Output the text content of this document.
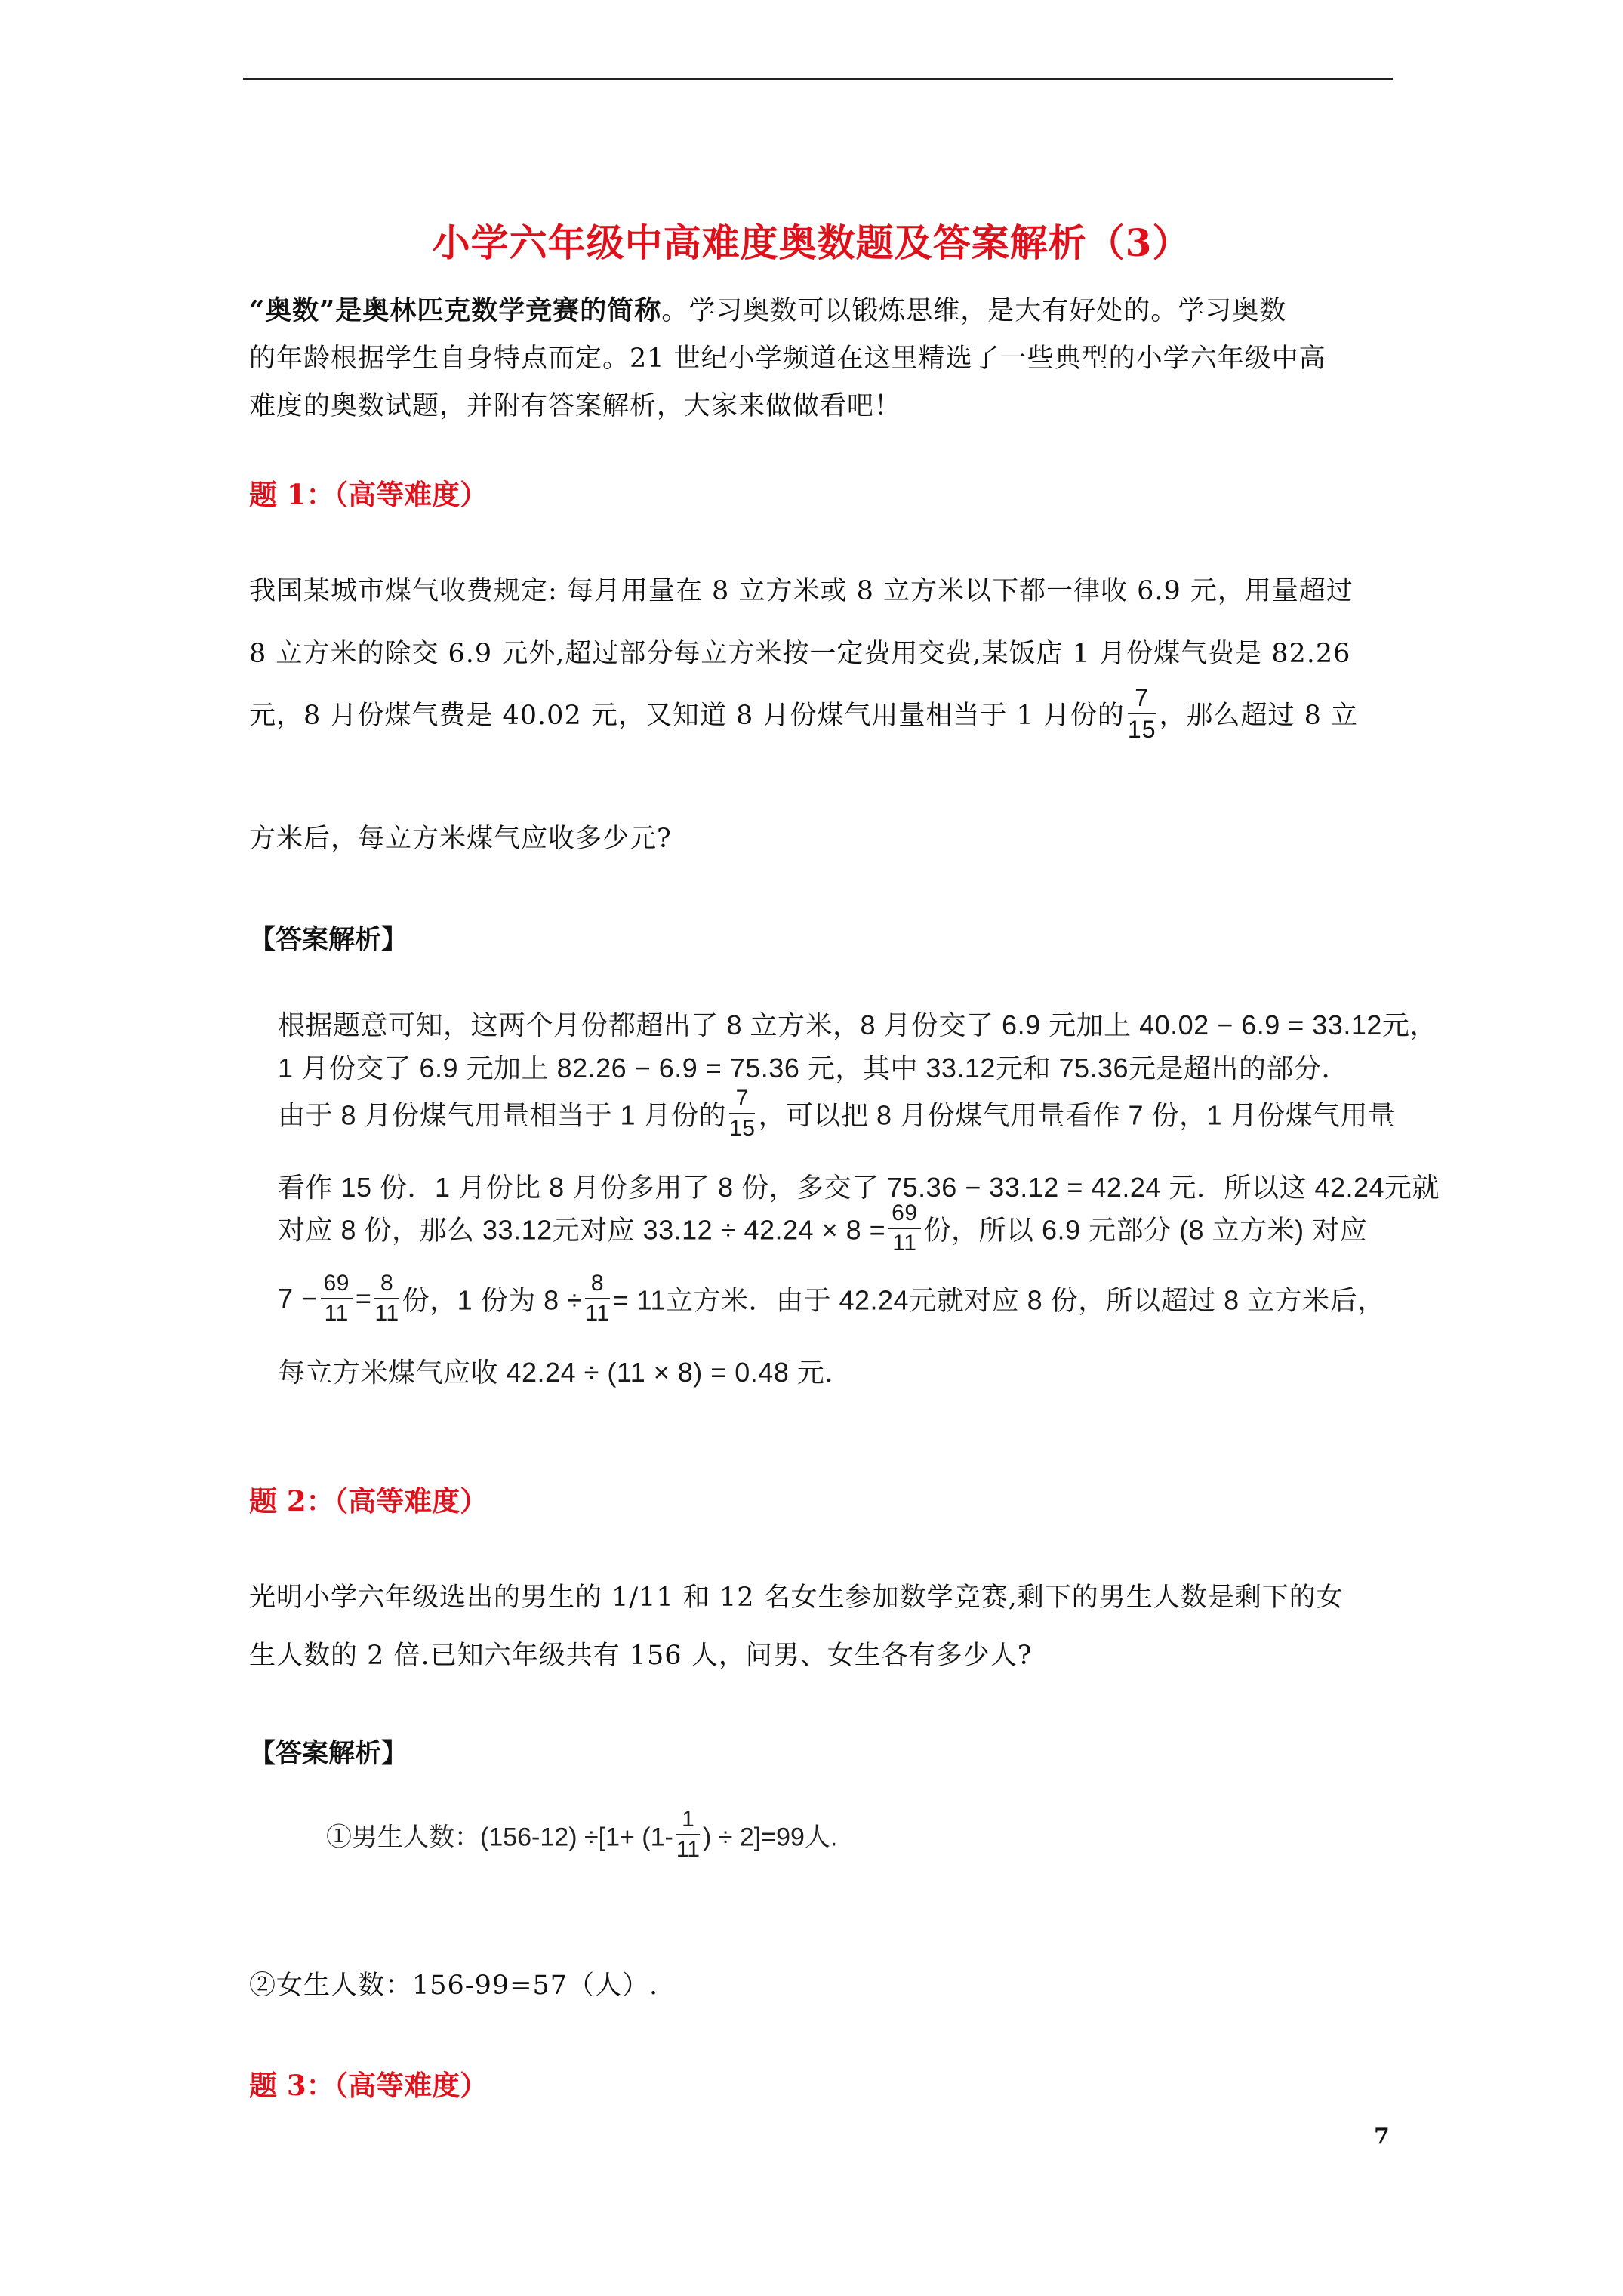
小学六年级中高难度奥数题及答案解析（3）
“奥数”是奥林匹克数学竞赛的简称。学习奥数可以锻炼思维，是大有好处的。学习奥数
的年龄根据学生自身特点而定。21 世纪小学频道在这里精选了一些典型的小学六年级中高
难度的奥数试题，并附有答案解析，大家来做做看吧！
题 1：（高等难度）
我国某城市煤气收费规定: 每月用量在 8 立方米或 8 立方米以下都一律收 6.9 元，用量超过
8 立方米的除交 6.9 元外,超过部分每立方米按一定费用交费,某饭店 1 月份煤气费是 82.26
元，8 月份煤气费是 40.02 元，又知道 8 月份煤气用量相当于 1 月份的 $\frac{7}{15}$ ，那么超过 8 立
方米后，每立方米煤气应收多少元?
【答案解析】
根据题意可知，这两个月份都超出了 8 立方米，8 月份交了 6.9 元加上 40.02 − 6.9 = 33.12元，
1 月份交了 6.9 元加上 82.26 − 6.9 = 75.36 元，其中 33.12元和 75.36元是超出的部分．
由于 8 月份煤气用量相当于 1 月份的 $\frac{7}{15}$ ，可以把 8 月份煤气用量看作 7 份，1 月份煤气用量
看作 15 份．1 月份比 8 月份多用了 8 份，多交了 75.36 − 33.12 = 42.24 元．所以这 42.24元就
对应 8 份，那么 33.12元对应 $33.12 \div 42.24 \times 8 = \frac{69}{11}$ 份，所以 6.9 元部分 (8 立方米) 对应
$7 - \frac{69}{11} = \frac{8}{11}$ 份，1 份为 $8 \div \frac{8}{11} = 11$立方米．由于 42.24元就对应 8 份，所以超过 8 立方米后，
每立方米煤气应收 42.24 ÷ (11 × 8) = 0.48 元．
题 2：（高等难度）
光明小学六年级选出的男生的 1/11 和 12 名女生参加数学竞赛,剩下的男生人数是剩下的女
生人数的 2 倍.已知六年级共有 156 人，问男、女生各有多少人?
【答案解析】
①男生人数：$(156-12) \div[1+ (1- \frac{1}{11}$ ) ÷ 2]=99人.
②女生人数：156-99=57（人）.
题 3：（高等难度）
7
